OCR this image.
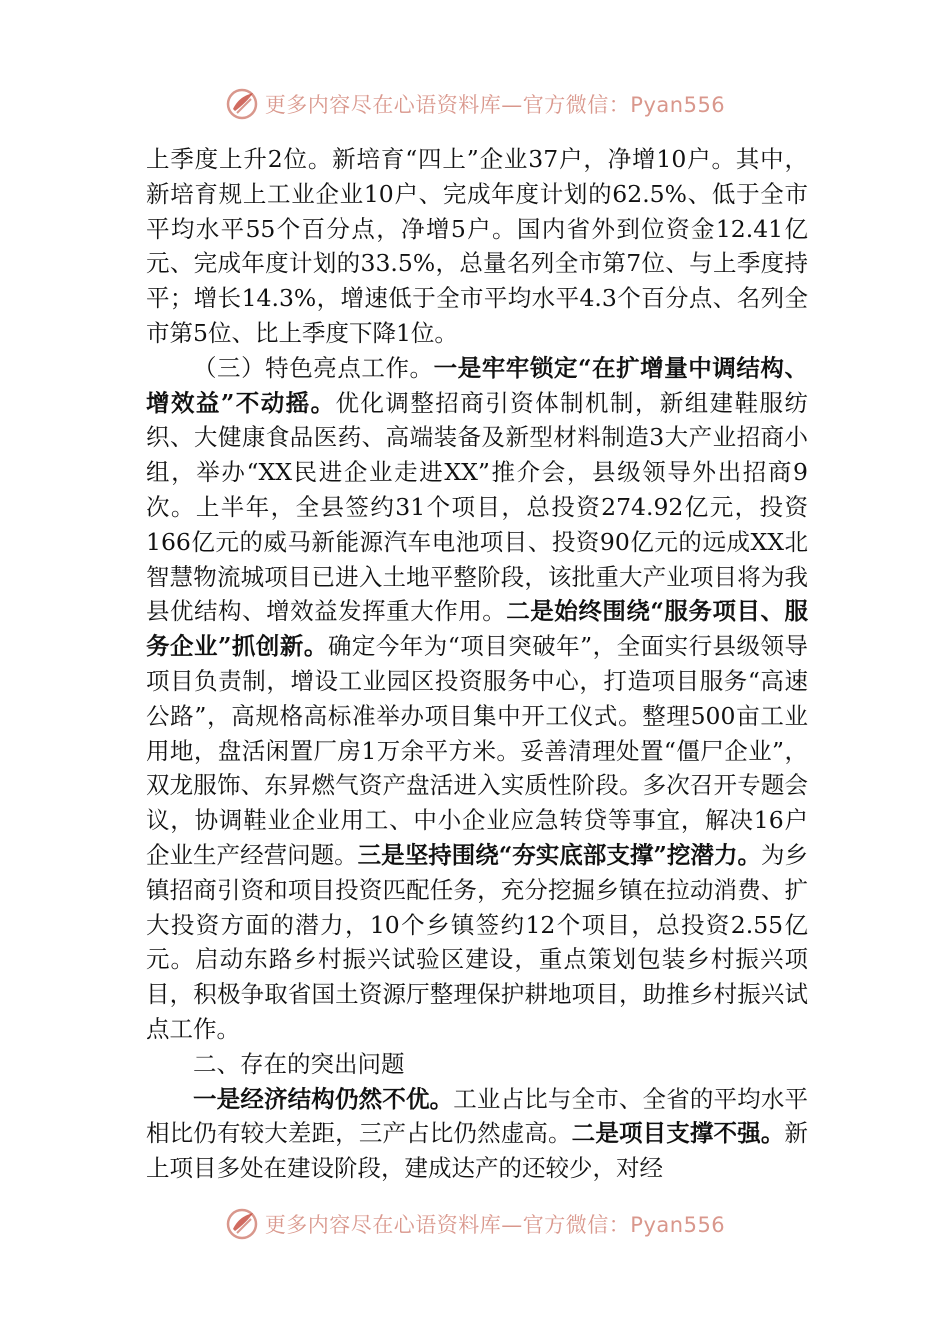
更多内容尽在心语资料库—官方微信：Pyan556

上季度上升2位。新培育“四上”企业37户，净增10户。其中，新培育规上工业企业10户、完成年度计划的62.5%、低于全市平均水平55个百分点，净增5户。国内省外到位资金12.41亿元、完成年度计划的33.5%，总量名列全市第7位、与上季度持平；增长14.3%，增速低于全市平均水平4.3个百分点、名列全市第5位、比上季度下降1位。

（三）特色亮点工作。一是牢牢锁定“在扩增量中调结构、增效益”不动摇。优化调整招商引资体制机制，新组建鞋服纺织、大健康食品医药、高端装备及新型材料制造3大产业招商小组，举办“XX民进企业走进XX”推介会，县级领导外出招商9次。上半年，全县签约31个项目，总投资274.92亿元，投资166亿元的威马新能源汽车电池项目、投资90亿元的远成XX北智慧物流城项目已进入土地平整阶段，该批重大产业项目将为我县优结构、增效益发挥重大作用。二是始终围绕“服务项目、服务企业”抓创新。确定今年为“项目突破年”，全面实行县级领导项目负责制，增设工业园区投资服务中心，打造项目服务“高速公路”，高规格高标准举办项目集中开工仪式。整理500亩工业用地，盘活闲置厂房1万余平方米。妥善清理处置“僵尸企业”，双龙服饰、东昇燃气资产盘活进入实质性阶段。多次召开专题会议，协调鞋业企业用工、中小企业应急转贷等事宜，解决16户企业生产经营问题。三是坚持围绕“夯实底部支撑”挖潜力。为乡镇招商引资和项目投资匹配任务，充分挖掘乡镇在拉动消费、扩大投资方面的潜力，10个乡镇签约12个项目，总投资2.55亿元。启动东路乡村振兴试验区建设，重点策划包装乡村振兴项目，积极争取省国土资源厅整理保护耕地项目，助推乡村振兴试点工作。

二、存在的突出问题

一是经济结构仍然不优。工业占比与全市、全省的平均水平相比仍有较大差距，三产占比仍然虚高。二是项目支撑不强。新上项目多处在建设阶段，建成达产的还较少，对经

更多内容尽在心语资料库—官方微信：Pyan556
